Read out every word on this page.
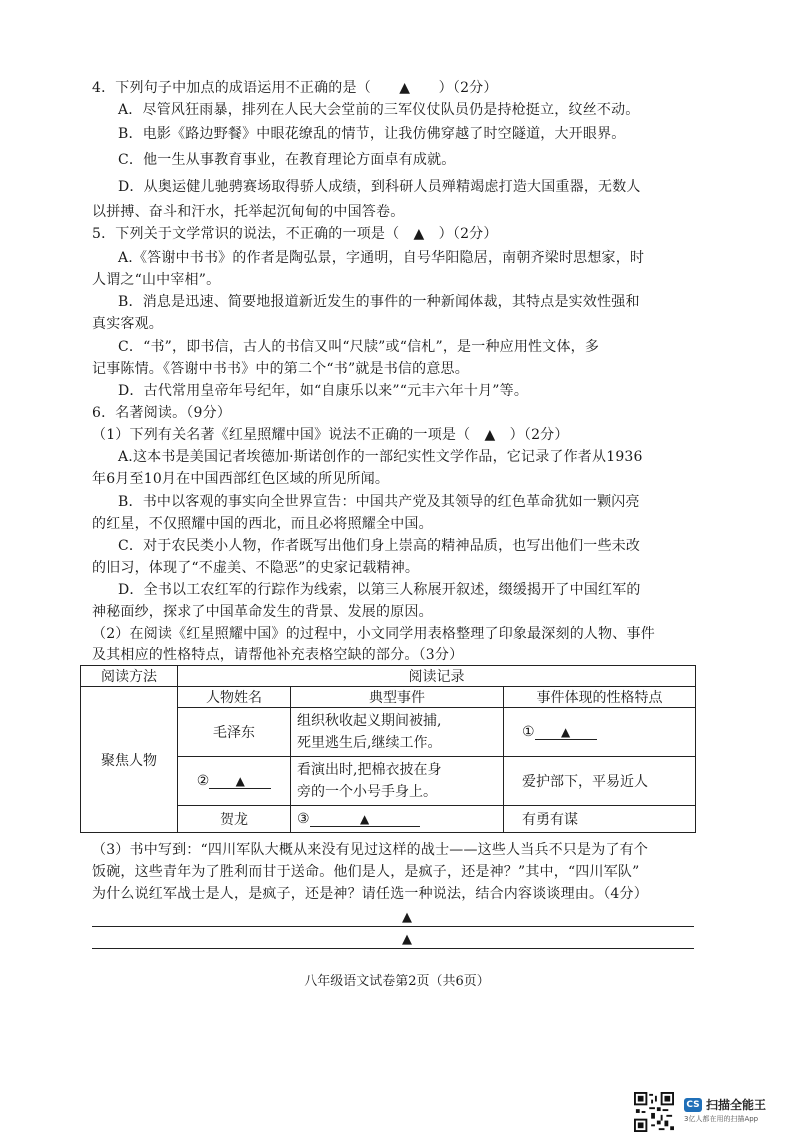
4．下列句子中加点的成语运用不正确的是（　　▲　　）（2分）
A．尽管风狂雨暴，排列在人民大会堂前的三军仪仗队员仍是持枪挺立，纹丝不动。
B．电影《路边野餐》中眼花缭乱的情节，让我仿佛穿越了时空隧道，大开眼界。
C．他一生从事教育事业，在教育理论方面卓有成就。
D．从奥运健儿驰骋赛场取得骄人成绩，到科研人员殚精竭虑打造大国重器，无数人
以拼搏、奋斗和汗水，托举起沉甸甸的中国答卷。
5．下列关于文学常识的说法，不正确的一项是（　▲　）（2分）
A.《答谢中书书》的作者是陶弘景，字通明，自号华阳隐居，南朝齐梁时思想家，时
人谓之“山中宰相”。
B．消息是迅速、简要地报道新近发生的事件的一种新闻体裁，其特点是实效性强和
真实客观。
C．“书”，即书信，古人的书信又叫“尺牍”或“信札”，是一种应用性文体，多
记事陈情。《答谢中书书》中的第二个“书”就是书信的意思。
D．古代常用皇帝年号纪年，如“自康乐以来”“元丰六年十月”等。
6．名著阅读。（9分）
（1）下列有关名著《红星照耀中国》说法不正确的一项是（　▲　）（2分）
A.这本书是美国记者埃德加·斯诺创作的一部纪实性文学作品，它记录了作者从1936
年6月至10月在中国西部红色区域的所见所闻。
B．书中以客观的事实向全世界宣告：中国共产党及其领导的红色革命犹如一颗闪亮
的红星，不仅照耀中国的西北，而且必将照耀全中国。
C．对于农民类小人物，作者既写出他们身上崇高的精神品质，也写出他们一些未改
的旧习，体现了“不虚美、不隐恶”的史家记载精神。
D．全书以工农红军的行踪作为线索，以第三人称展开叙述，缀缓揭开了中国红军的
神秘面纱，探求了中国革命发生的背景、发展的原因。
（2）在阅读《红星照耀中国》的过程中，小文同学用表格整理了印象最深刻的人物、事件
及其相应的性格特点，请帮他补充表格空缺的部分。（3分）
阅读方法	阅读记录		
聚焦人物	人物姓名	典型事件	事件体现的性格特点
	毛泽东	组织秋收起义期间被捕,
死里逃生后,继续工作。	① ▲
	② ▲	看演出时,把棉衣披在身
旁的一个小号手身上。	爱护部下，平易近人
	贺龙	③ ▲	有勇有谋
（3）书中写到：“四川军队大概从来没有见过这样的战士——这些人当兵不只是为了有个
饭碗，这些青年为了胜利而甘于送命。他们是人，是疯子，还是神？”其中，“四川军队”
为什么说红军战士是人，是疯子，还是神？请任选一种说法，结合内容谈谈理由。（4分）
▲
▲
八年级语文试卷第2页（共6页）
CS 扫描全能王
3亿人都在用的扫描App
